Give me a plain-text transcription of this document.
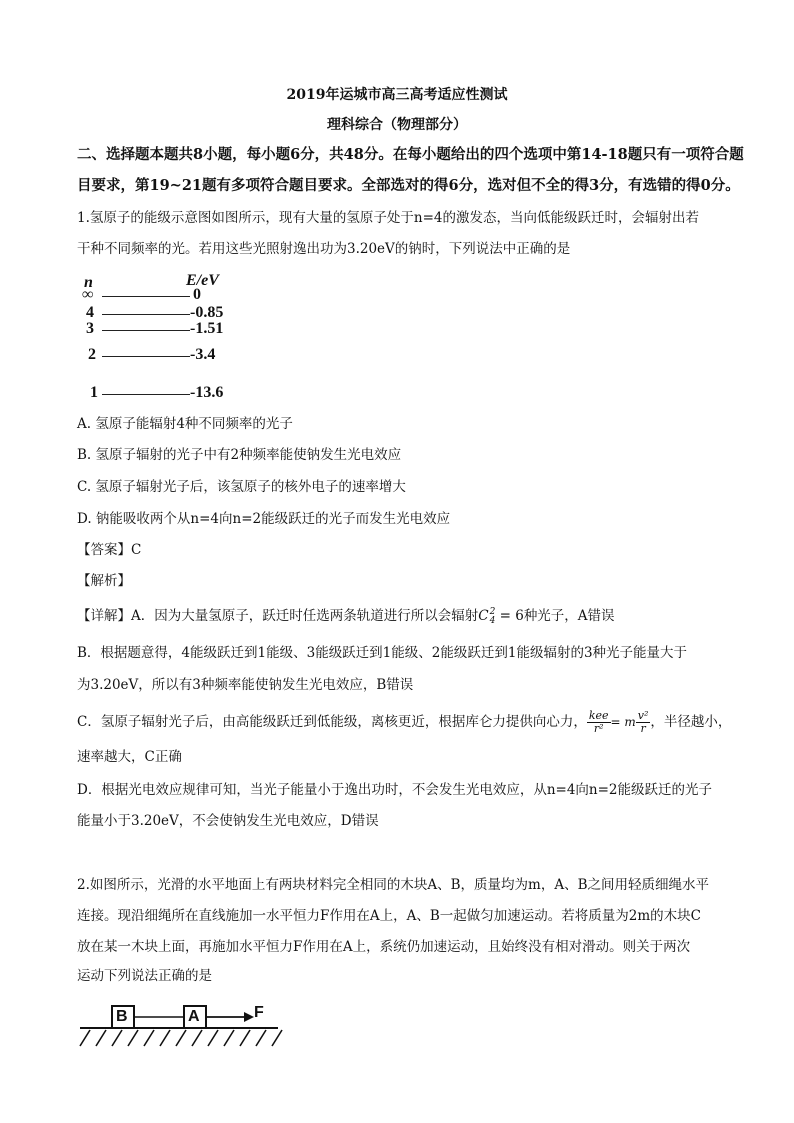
2019年运城市高三高考适应性测试
理科综合（物理部分）
二、选择题本题共8小题，每小题6分，共48分。在每小题给出的四个选项中第14-18题只有一项符合题
目要求，第19~21题有多项符合题目要求。全部选对的得6分，选对但不全的得3分，有选错的得0分。
1.氢原子的能级示意图如图所示，现有大量的氢原子处于n=4的激发态，当向低能级跃迁时，会辐射出若
干种不同频率的光。若用这些光照射逸出功为3.20eV的钠时，下列说法中正确的是
n	E/eV
∞	0
4	-0.85
3	-1.51
2	-3.4
1	-13.6
A. 氢原子能辐射4种不同频率的光子
B. 氢原子辐射的光子中有2种频率能使钠发生光电效应
C. 氢原子辐射光子后，该氢原子的核外电子的速率增大
D. 钠能吸收两个从n=4向n=2能级跃迁的光子而发生光电效应
【答案】C
【解析】
【详解】A．因为大量氢原子，跃迁时任选两条轨道进行所以会辐射C 2
4 = 6种光子，A错误
B．根据题意得，4能级跃迁到1能级、3能级跃迁到1能级、2能级跃迁到1能级辐射的3种光子能量大于
为3.20eV，所以有3种频率能使钠发生光电效应，B错误
C．氢原子辐射光子后，由高能级跃迁到低能级，离核更近，根据库仑力提供向心力， $\frac{\text{kee}}{\text{r²}} = m \frac{\text{v²}}{r}$ ，半径越小，
速率越大，C正确
D．根据光电效应规律可知，当光子能量小于逸出功时，不会发生光电效应，从n=4向n=2能级跃迁的光子
能量小于3.20eV，不会使钠发生光电效应，D错误
2.如图所示，光滑的水平地面上有两块材料完全相同的木块A、B，质量均为m，A、B之间用轻质细绳水平
连接。现沿细绳所在直线施加一水平恒力F作用在A上，A、B一起做匀加速运动。若将质量为2m的木块C
放在某一木块上面，再施加水平恒力F作用在A上，系统仍加速运动，且始终没有相对滑动。则关于两次
运动下列说法正确的是
B	A	F
